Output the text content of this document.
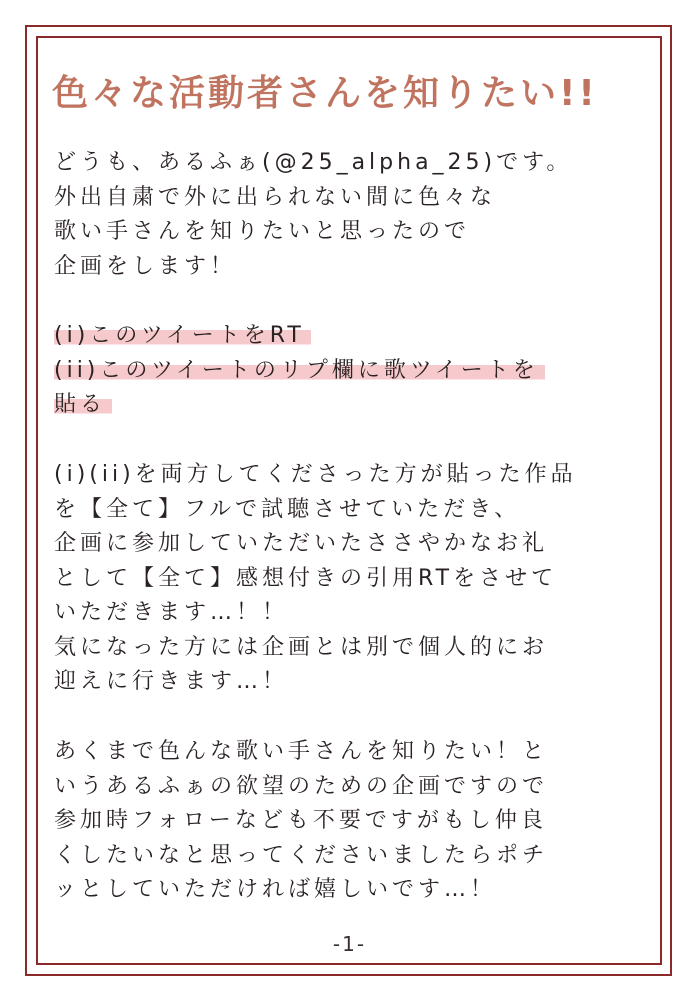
色々な活動者さんを知りたい!!
どうも、あるふぁ(@25_alpha_25)です。
外出自粛で外に出られない間に色々な
歌い手さんを知りたいと思ったので
企画をします！
(i)このツイートをRT
(ii)このツイートのリプ欄に歌ツイートを
貼る
(i)(ii)を両方してくださった方が貼った作品
を【全て】フルで試聴させていただき、
企画に参加していただいたささやかなお礼
として【全て】感想付きの引用RTをさせて
いただきます…！！
気になった方には企画とは別で個人的にお
迎えに行きます…！
あくまで色んな歌い手さんを知りたい！と
いうあるふぁの欲望のための企画ですので
参加時フォローなども不要ですがもし仲良
くしたいなと思ってくださいましたらポチ
ッとしていただければ嬉しいです…！
-1-
